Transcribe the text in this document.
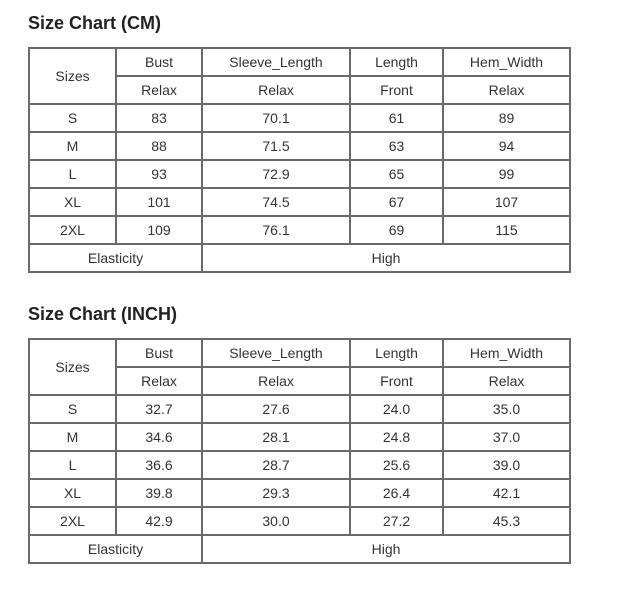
Size Chart (CM)
Sizes	Bust	Sleeve_Length	Length	Hem_Width
	Relax	Relax	Front	Relax
S	83	70.1	61	89
M	88	71.5	63	94
L	93	72.9	65	99
XL	101	74.5	67	107
2XL	109	76.1	69	115
Elasticity		High		
Size Chart (INCH)
Sizes	Bust	Sleeve_Length	Length	Hem_Width
	Relax	Relax	Front	Relax
S	32.7	27.6	24.0	35.0
M	34.6	28.1	24.8	37.0
L	36.6	28.7	25.6	39.0
XL	39.8	29.3	26.4	42.1
2XL	42.9	30.0	27.2	45.3
Elasticity		High		
